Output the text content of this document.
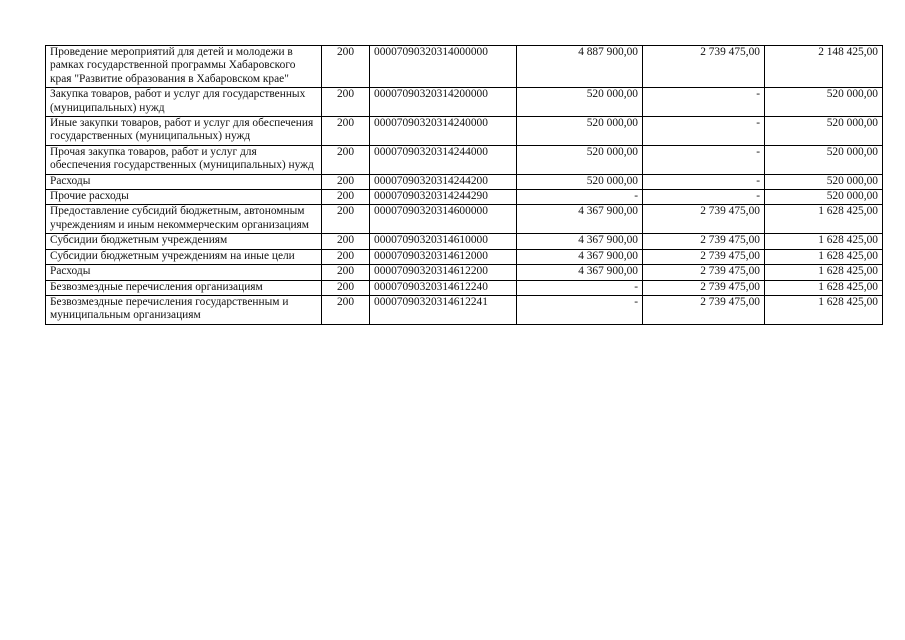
Проведение мероприятий для детей и молодежи в рамках государственной программы Хабаровского края "Развитие образования в Хабаровском крае"	200	00007090320314000000	4 887 900,00	2 739 475,00	2 148 425,00
Закупка товаров, работ и услуг для государственных (муниципальных) нужд	200	00007090320314200000	520 000,00	-	520 000,00
Иные закупки товаров, работ и услуг для обеспечения государственных (муниципальных) нужд	200	00007090320314240000	520 000,00	-	520 000,00
Прочая закупка товаров, работ и услуг для обеспечения государственных (муниципальных) нужд	200	00007090320314244000	520 000,00	-	520 000,00
Расходы	200	00007090320314244200	520 000,00	-	520 000,00
Прочие расходы	200	00007090320314244290	-	-	520 000,00
Предоставление субсидий бюджетным, автономным учреждениям и иным некоммерческим организациям	200	00007090320314600000	4 367 900,00	2 739 475,00	1 628 425,00
Субсидии бюджетным учреждениям	200	00007090320314610000	4 367 900,00	2 739 475,00	1 628 425,00
Субсидии бюджетным учреждениям на иные цели	200	00007090320314612000	4 367 900,00	2 739 475,00	1 628 425,00
Расходы	200	00007090320314612200	4 367 900,00	2 739 475,00	1 628 425,00
Безвозмездные перечисления организациям	200	00007090320314612240	-	2 739 475,00	1 628 425,00
Безвозмездные перечисления государственным и муниципальным организациям	200	00007090320314612241	-	2 739 475,00	1 628 425,00
